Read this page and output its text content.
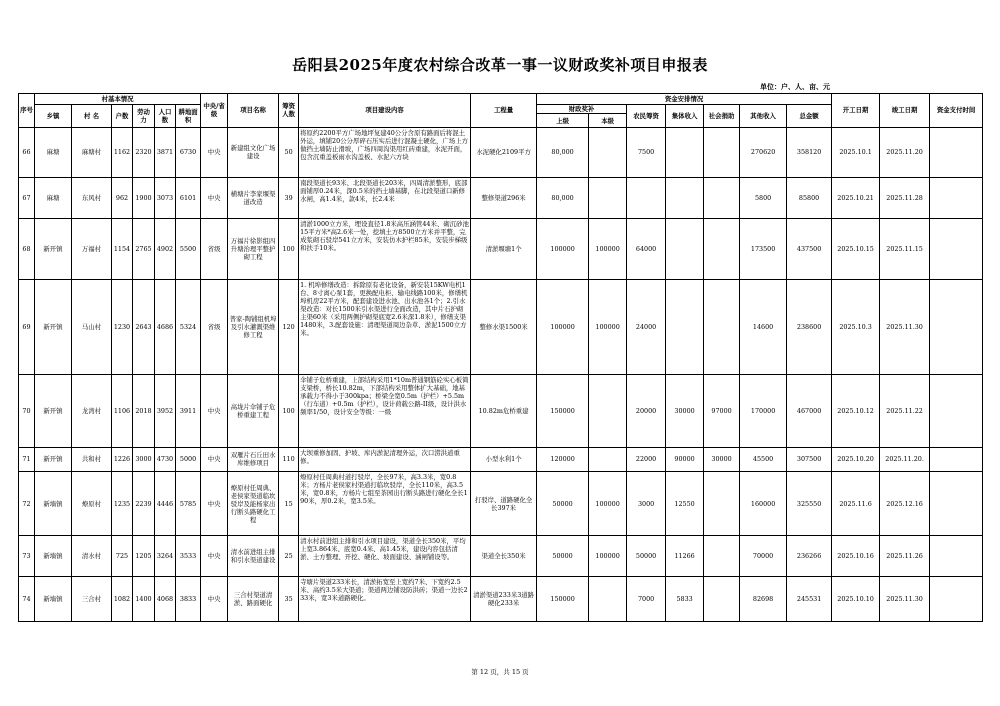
岳阳县2025年度农村综合改革一事一议财政奖补项目申报表
单位：户、人、亩、元
序号	村基本情况						中央/省级	项目名称	筹资人数	项目建设内容	工程量	资金安排情况							开工日期	竣工日期	资金支付时间
	乡镇	村 名	户数	劳动力	人口数	耕地面积						财政奖补		农民筹资	集体收入	社会捐助	其他收入	总金额			
												上级	本级								
66	麻塘	麻塘村	1162	2320	3871	6730	中央	新建组文化广场建设	50	将原约2200平方广场地坪复建40公分含原有路面后将混土外运，填铺20公分厚碎石压实后进行混凝土硬化，广场上方做挡土墙防止滑坡，广场四周沟渠用红砖重建，水泥开面，包含沉重盖板雨水沟盖板、水泥六方块	水泥硬化2109平方	80,000		7500			270620	358120	2025.10.1	2025.11.20	
67	麻塘	东风村	962	1900	3073	6101	中央	横塘片李家堰渠道改造	39	南段渠道长93米、北段渠道长203米，四周清淤整形，底部面铺厚0.24米，深0.5米的挡土墙基脚，在北段渠道口新修水闸，高1.4米，款4米，长2.4米	整修渠道296米	80,000					5800	85800	2025.10.21	2025.11.28	
68	新开镇	万福村	1154	2765	4902	5500	省级	万福片徐影组四升塘治理平整护砌工程	100	清淤1000立方米，埋设直径1.8米高压涵管44米、砌沉砂池15平方米*高2.6米一处，挖填土方8500立方米并平整，完成浆砌石驳岸541立方米，安装仿木护栏85米，安装步梯级和扶手10米。	清淤堰塘1个	100000	100000	64000			173500	437500	2025.10.15	2025.11.15	
69	新开镇	马山村	1230	2643	4686	5324	省级	普家-陶铺组机埠及引水灌溉渠维修工程	120	1. 机埠修缮改造：拆除原有老化设备，新安装15KW电机1台、8寸离心泵1套，更换配电柜、输电线路100米，修缮机埠机房22平方米，配套建设进水池、出水池各1个；2.引水渠改造：对长1500米引水渠进行全面改造，其中片石护砌主渠60米（采用两侧护砌渠底宽2.6米深1.8米），修缮支渠1480米，3.配套设施：清理渠道周边杂草、淤泥1500立方米。	整修水渠1500米	100000	100000	24000			14600	238600	2025.10.3	2025.11.30	
70	新开镇	龙湾村	1106	2018	3952	3911	中央	高垅片伞铺子危桥重建工程	100	伞铺子危桥重建，上部结构采用1*10m普通钢筋砼实心板简支梁桥，桥长10.82m，下部结构采用整体扩大基础，地基承载力不得小于300kpa；桥梁全宽0.5m（护栏）+5.5m（行车道）+0.5m（护栏），设计荷载公路-II级，设计洪水频率1/50，设计安全等级：一级	10.82m危桥重建	150000		20000	30000	97000	170000	467000	2025.10.12	2025.11.22	
71	新开镇	共和村	1226	3000	4730	5000	中央	双雁片石丘田水库维修项目	110	大坝重修加固、护坡、库内淤泥清理外运，次口涝洪道重修。	小型水利1个	120000		22000	90000	30000	45500	307500	2025.10.20	2025.11.20.	
72	新墙镇	燎原村	1235	2239	4446	5785	中央	燎原村任周典、老侯家渠道临坎驳岸及能杨家出行断头路硬化工程	15	燎原村任周典村道打驳岸，全长97米，高3.3米，宽0.8米；方杨片老侯家村渠道打临坎驳岸，全长110米，高3.5米，宽0.8米，方杨片七组至茶园出行断头路进行硬化全长190米，厚0.2米，宽3.5米。	打驳岸、道路硬化全长397米	50000	100000	3000	12550		160000	325550	2025.11.6	2025.12.16	
73	新墙镇	清水村	725	1205	3264	3533	中央	清水前进组主排和引水渠道建设	25	清水村前进组主排和引水项目建设，渠道全长350米，平均上宽3.864米、底宽0.4米、高1.45米，建设内容包括清淤、土方整理、开挖、硬化、坡面建设、涵闸铺设等。	渠道全长350米	50000	100000	50000	11266		70000	236266	2025.10.16	2025.11.26	
74	新墙镇	三合村	1082	1400	4068	3833	中央	三合村渠道清淤、路面硬化	35	寺塘片渠道233米长，清淤拓宽至上宽约7米、下宽约2.5米、高约3.5米大渠道；渠道两边铺设防洪砖；渠道一边长233米，宽3米道路硬化。	清淤渠道233米3道路硬化233米	150000		7000	5833		82698	245531	2025.10.10	2025.11.30	
第 12 页，共 15 页
